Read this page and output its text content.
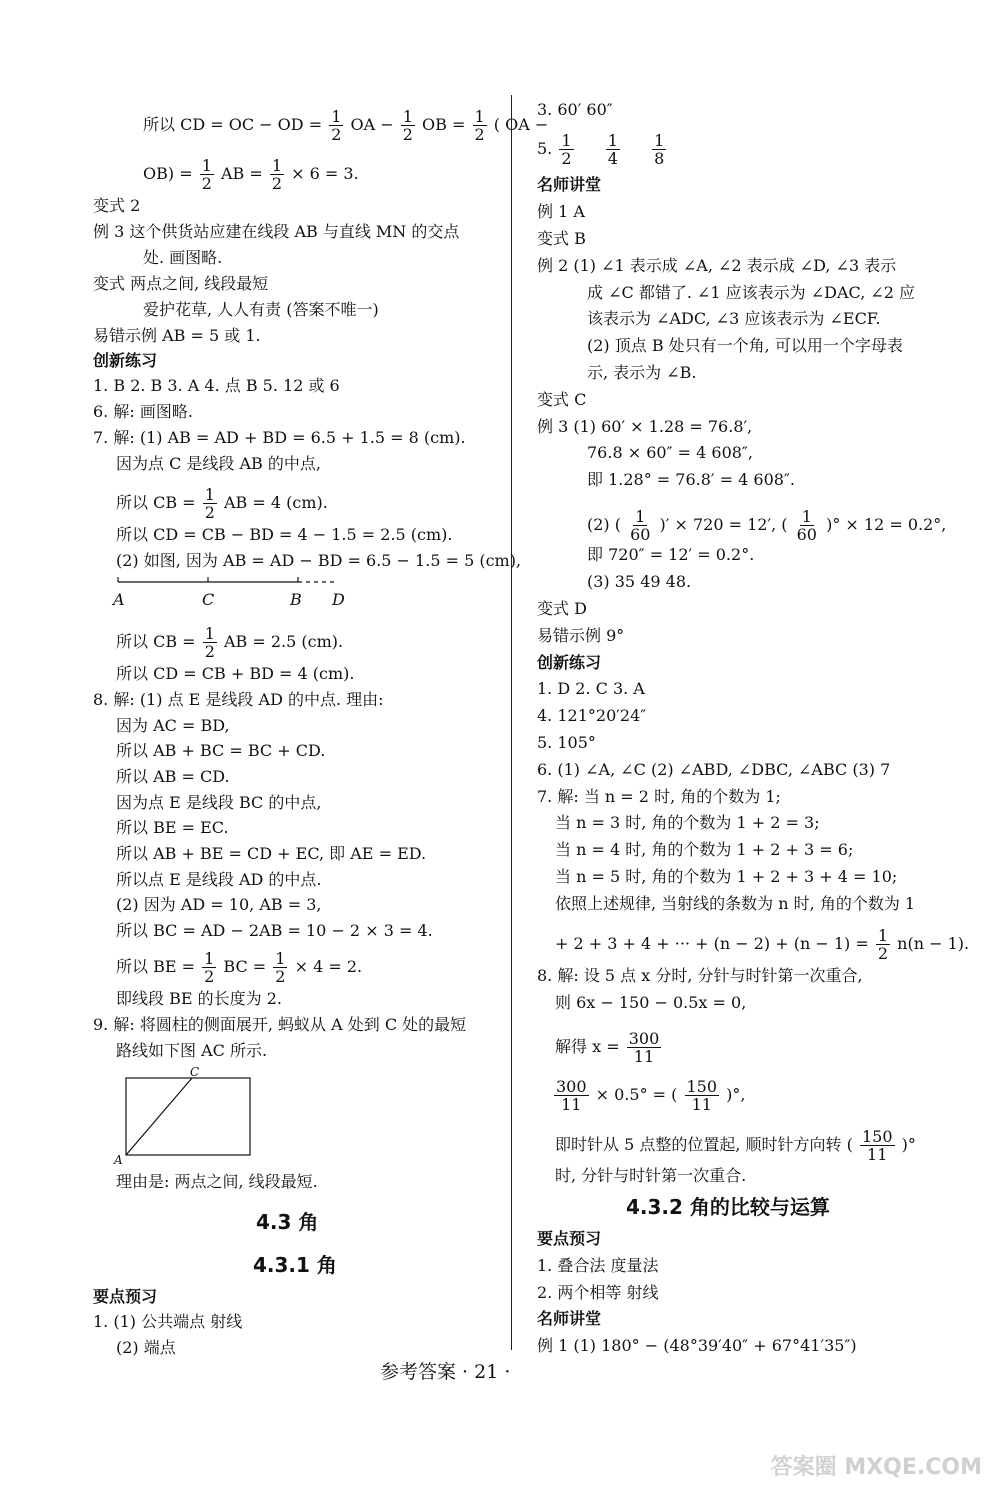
所以 CD = OC − OD = $\frac{1}{2}$ OA − $\frac{1}{2}$ OB = $\frac{1}{2}$ ( OA −
$OB) = \frac{1}{2}$ AB = $\frac{1}{2} \times 6 = 3$.
变式 2
例 3 这个供货站应建在线段 AB 与直线 MN 的交点
处. 画图略.
变式 两点之间, 线段最短
爱护花草, 人人有责 (答案不唯一)
易错示例 AB = 5 或 1.
创新练习
1. B 2. B 3. A 4. 点 B 5. 12 或 6
6. 解: 画图略.
7. 解: (1) AB = AD + BD = 6.5 + 1.5 = 8 (cm).
因为点 C 是线段 AB 的中点,
所以 CB = $\frac{1}{2}$ AB = 4 (cm).
所以 CD = CB − BD = 4 − 1.5 = 2.5 (cm).
(2) 如图, 因为 AB = AD − BD = 6.5 − 1.5 = 5 (cm),
A	C	B D
所以 CB = $\frac{1}{2}$ AB = 2.5 (cm).
所以 CD = CB + BD = 4 (cm).
8. 解: (1) 点 E 是线段 AD 的中点. 理由:
因为 AC = BD,
所以 AB + BC = BC + CD.
所以 AB = CD.
因为点 E 是线段 BC 的中点,
所以 BE = EC.
所以 AB + BE = CD + EC, 即 AE = ED.
所以点 E 是线段 AD 的中点.
(2) 因为 AD = 10, AB = 3,
所以 BC = AD − 2AB = 10 − 2 × 3 = 4.
所以 BE = $\frac{1}{2}$ BC = $\frac{1}{2} \times 4 = 2$.
即线段 BE 的长度为 2.
9. 解: 将圆柱的侧面展开, 蚂蚁从 A 处到 C 处的最短
路线如下图 AC 所示.
C
A
理由是: 两点之间, 线段最短.
4.3 角
4.3.1 角
要点预习
1. (1) 公共端点 射线
(2) 端点
3. 60′ 60″
5. $\frac{1}{2}$
$\frac{1}{4}$
$\frac{1}{8}$
名师讲堂
例 1 A
变式 B
例 2 (1) ∠1 表示成 ∠A, ∠2 表示成 ∠D, ∠3 表示
成 ∠C 都错了. ∠1 应该表示为 ∠DAC, ∠2 应
该表示为 ∠ADC, ∠3 应该表示为 ∠ECF.
(2) 顶点 B 处只有一个角, 可以用一个字母表
示, 表示为 ∠B.
变式 C
例 3 (1) 60′ × 1.28 = 76.8′,
76.8 × 60″ = 4 608″,
即 1.28° = 76.8′ = 4 608″.
(2) ( $\frac{1}{60}$ )′ × 720 = 12′, ( $\frac{1}{60}$ )° × 12 = 0.2°,
即 720″ = 12′ = 0.2°.
(3) 35 49 48.
变式 D
易错示例 9°
创新练习
1. D 2. C 3. A
4. 121°20′24″
5. 105°
6. (1) ∠A, ∠C (2) ∠ABD, ∠DBC, ∠ABC (3) 7
7. 解: 当 n = 2 时, 角的个数为 1;
当 n = 3 时, 角的个数为 1 + 2 = 3;
当 n = 4 时, 角的个数为 1 + 2 + 3 = 6;
当 n = 5 时, 角的个数为 1 + 2 + 3 + 4 = 10;
依照上述规律, 当射线的条数为 n 时, 角的个数为 1
+ 2 + 3 + 4 + ··· + $(n - 2) + (n - 1) = \frac{1}{2} n(n - 1)$.
8. 解: 设 5 点 x 分时, 分针与时针第一次重合,
则 6x − 150 − 0.5x = 0,
解得 $x = \frac{300}{11}$
$\frac{300}{11} \times 0.5^\circ$ = ( $\frac{150}{11}$ )°,
即时针从 5 点整的位置起, 顺时针方向转 ( $\frac{150}{11}$ )°
时, 分针与时针第一次重合.
4.3.2 角的比较与运算
要点预习
1. 叠合法 度量法
2. 两个相等 射线
名师讲堂
例 1 (1) 180° − (48°39′40″ + 67°41′35″)
参考答案 · 21 ·
答案圈 MXQE.COM
